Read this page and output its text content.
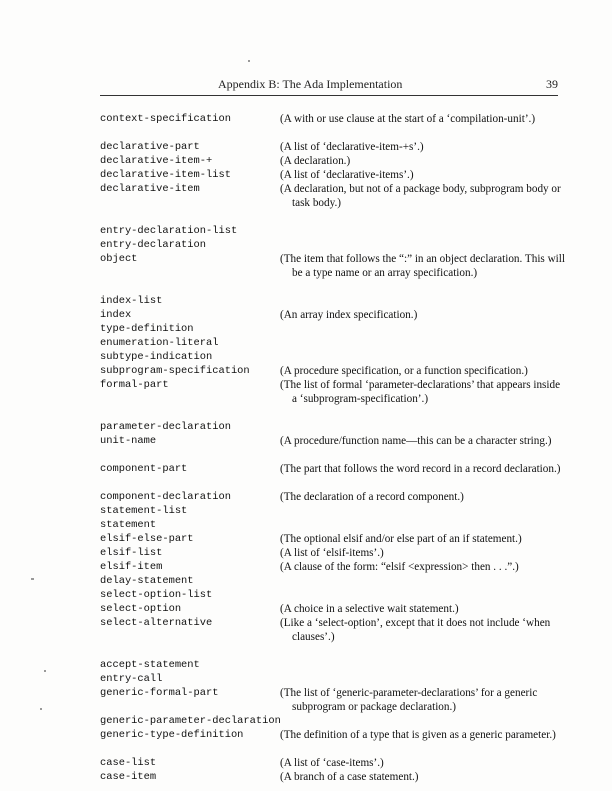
Appendix B: The Ada Implementation	39
context-specification	(A with or use clause at the start of a ‘compilation-unit’.)
declarative-part	(A list of ‘declarative-item-+s’.)
declarative-item-+	(A declaration.)
declarative-item-list	(A list of ‘declarative-items’.)
declarative-item	(A declaration, but not of a package body, subprogram body or task body.)
entry-declaration-list
entry-declaration
object	(The item that follows the “:” in an object declaration. This will be a type name or an array specification.)
index-list
index	(An array index specification.)
type-definition
enumeration-literal
subtype-indication
subprogram-specification	(A procedure specification, or a function specification.)
formal-part	(The list of formal ‘parameter-declarations’ that appears inside a ‘subprogram-specification’.)
parameter-declaration
unit-name	(A procedure/function name—this can be a character string.)
component-part	(The part that follows the word record in a record declaration.)
component-declaration	(The declaration of a record component.)
statement-list
statement
elsif-else-part	(The optional elsif and/or else part of an if statement.)
elsif-list	(A list of ‘elsif-items’.)
elsif-item	(A clause of the form: “elsif <expression> then . . .”.)
delay-statement
select-option-list
select-option	(A choice in a selective wait statement.)
select-alternative	(Like a ‘select-option’, except that it does not include ‘when clauses’.)
accept-statement
entry-call
generic-formal-part	(The list of ‘generic-parameter-declarations’ for a generic subprogram or package declaration.)
generic-parameter-declaration
generic-type-definition	(The definition of a type that is given as a generic parameter.)
case-list	(A list of ‘case-items’.)
case-item	(A branch of a case statement.)
